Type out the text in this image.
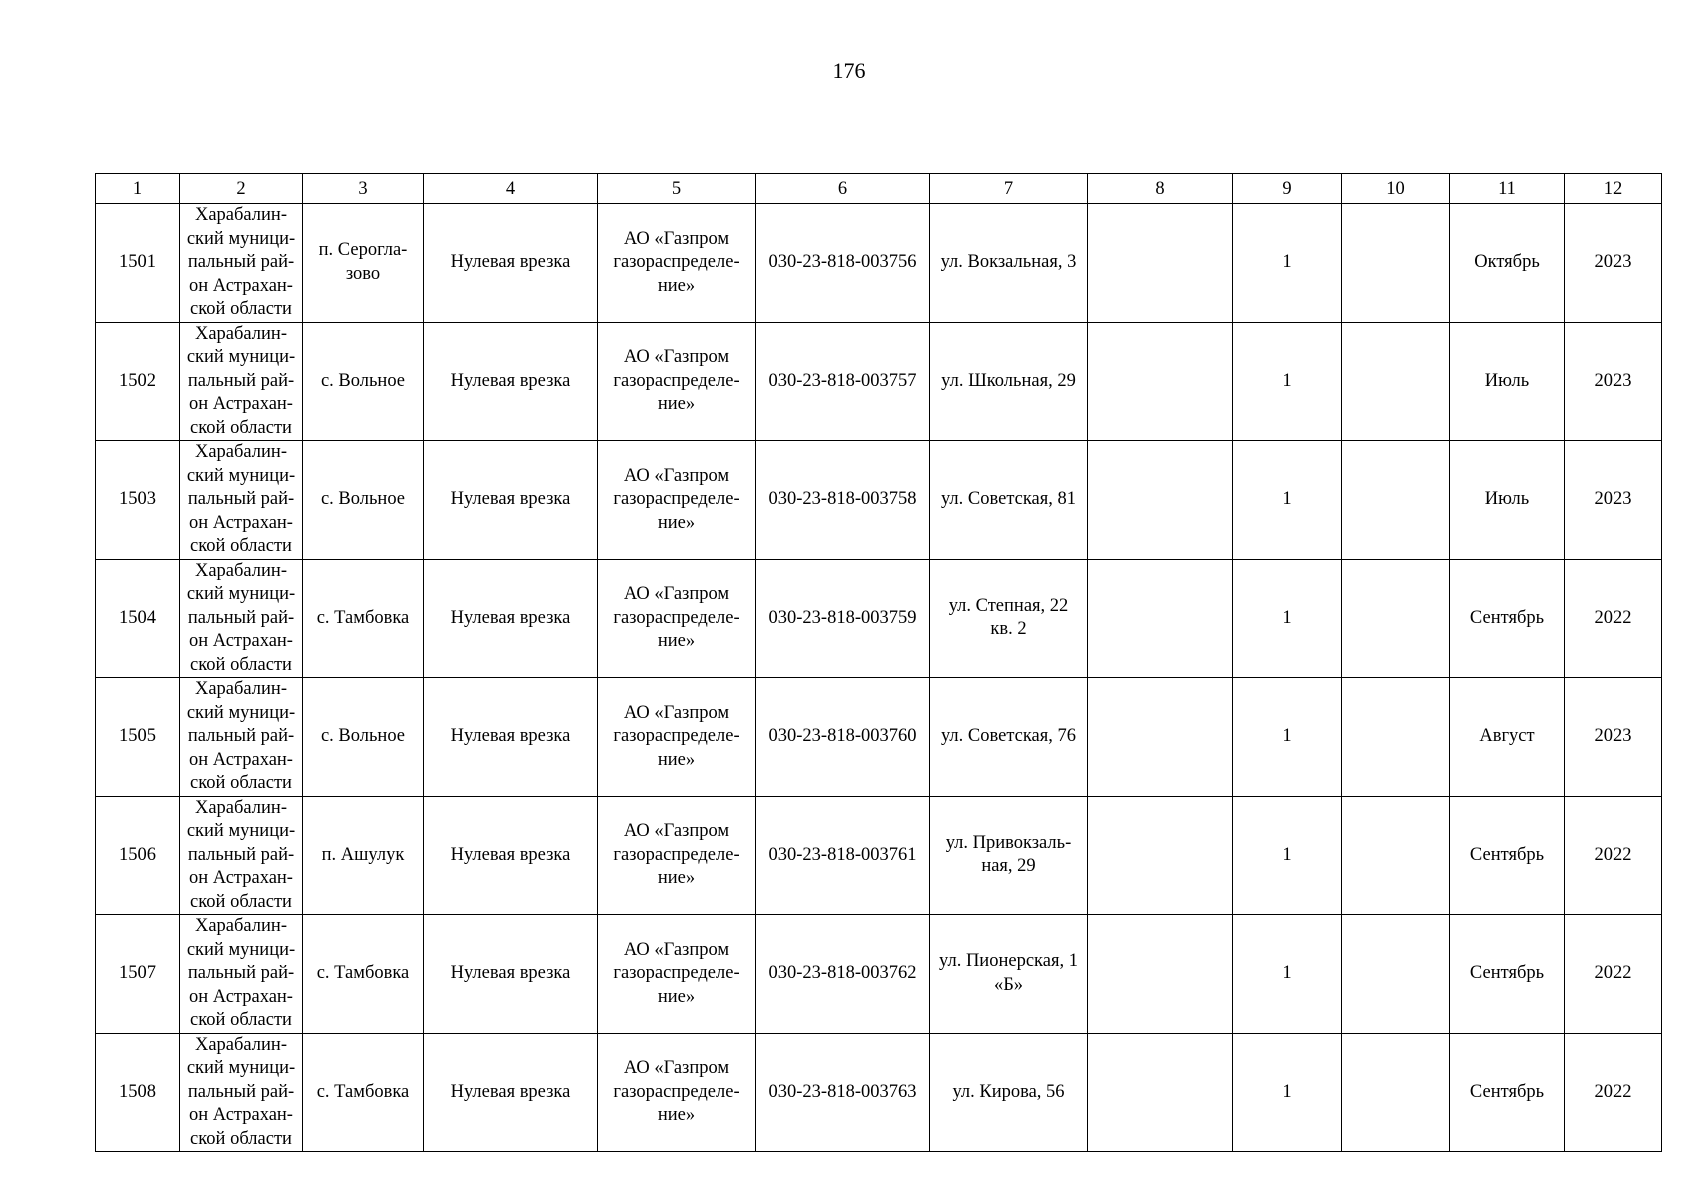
176
1	2	3	4	5	6	7	8	9	10	11	12
1501	Харабалин-
ский муници-
пальный рай-
он Астрахан-
ской области	п. Серогла-
зово	Нулевая врезка	АО «Газпром
газораспределе-
ние»	030-23-818-003756	ул. Вокзальная, 3		1		Октябрь	2023
1502	Харабалин-
ский муници-
пальный рай-
он Астрахан-
ской области	с. Вольное	Нулевая врезка	АО «Газпром
газораспределе-
ние»	030-23-818-003757	ул. Школьная, 29		1		Июль	2023
1503	Харабалин-
ский муници-
пальный рай-
он Астрахан-
ской области	с. Вольное	Нулевая врезка	АО «Газпром
газораспределе-
ние»	030-23-818-003758	ул. Советская, 81		1		Июль	2023
1504	Харабалин-
ский муници-
пальный рай-
он Астрахан-
ской области	с. Тамбовка	Нулевая врезка	АО «Газпром
газораспределе-
ние»	030-23-818-003759	ул. Степная, 22
кв. 2		1		Сентябрь	2022
1505	Харабалин-
ский муници-
пальный рай-
он Астрахан-
ской области	с. Вольное	Нулевая врезка	АО «Газпром
газораспределе-
ние»	030-23-818-003760	ул. Советская, 76		1		Август	2023
1506	Харабалин-
ский муници-
пальный рай-
он Астрахан-
ской области	п. Ашулук	Нулевая врезка	АО «Газпром
газораспределе-
ние»	030-23-818-003761	ул. Привокзаль-
ная, 29		1		Сентябрь	2022
1507	Харабалин-
ский муници-
пальный рай-
он Астрахан-
ской области	с. Тамбовка	Нулевая врезка	АО «Газпром
газораспределе-
ние»	030-23-818-003762	ул. Пионерская, 1
«Б»		1		Сентябрь	2022
1508	Харабалин-
ский муници-
пальный рай-
он Астрахан-
ской области	с. Тамбовка	Нулевая врезка	АО «Газпром
газораспределе-
ние»	030-23-818-003763	ул. Кирова, 56		1		Сентябрь	2022
